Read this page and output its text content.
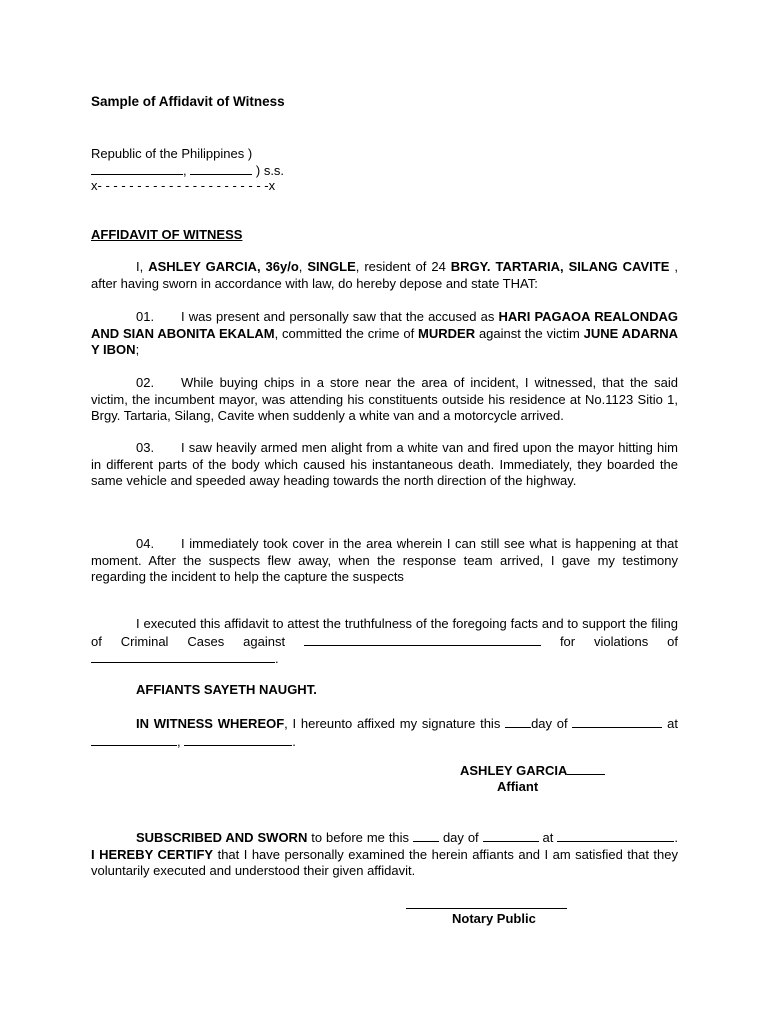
Sample of Affidavit of Witness
Republic of the Philippines )
,	) s.s.
x- - - - - - - - - - - - - - - - - - - - - -x
AFFIDAVIT OF WITNESS
I, ASHLEY GARCIA, 36y/o, SINGLE, resident of 24 BRGY. TARTARIA, SILANG CAVITE , after having sworn in accordance with law, do hereby depose and state THAT:
01. I was present and personally saw that the accused as HARI PAGAOA REALONDAG AND SIAN ABONITA EKALAM, committed the crime of MURDER against the victim JUNE ADARNA Y IBON;
02. While buying chips in a store near the area of incident, I witnessed, that the said victim, the incumbent mayor, was attending his constituents outside his residence at No.1123 Sitio 1, Brgy. Tartaria, Silang, Cavite when suddenly a white van and a motorcycle arrived.
03. I saw heavily armed men alight from a white van and fired upon the mayor hitting him in different parts of the body which caused his instantaneous death. Immediately, they boarded the same vehicle and speeded away heading towards the north direction of the highway.
04. I immediately took cover in the area wherein I can still see what is happening at that moment. After the suspects flew away, when the response team arrived, I gave my testimony regarding the incident to help the capture the suspects
I executed this affidavit to attest the truthfulness of the foregoing facts and to support the filing of Criminal Cases against	for violations of .
AFFIANTS SAYETH NAUGHT.
IN WITNESS WHEREOF, I hereunto affixed my signature this day of	at ,	.
ASHLEY GARCIA
Affiant
SUBSCRIBED AND SWORN to before me this	day of	at	. I HEREBY CERTIFY that I have personally examined the herein affiants and I am satisfied that they voluntarily executed and understood their given affidavit.
Notary Public
